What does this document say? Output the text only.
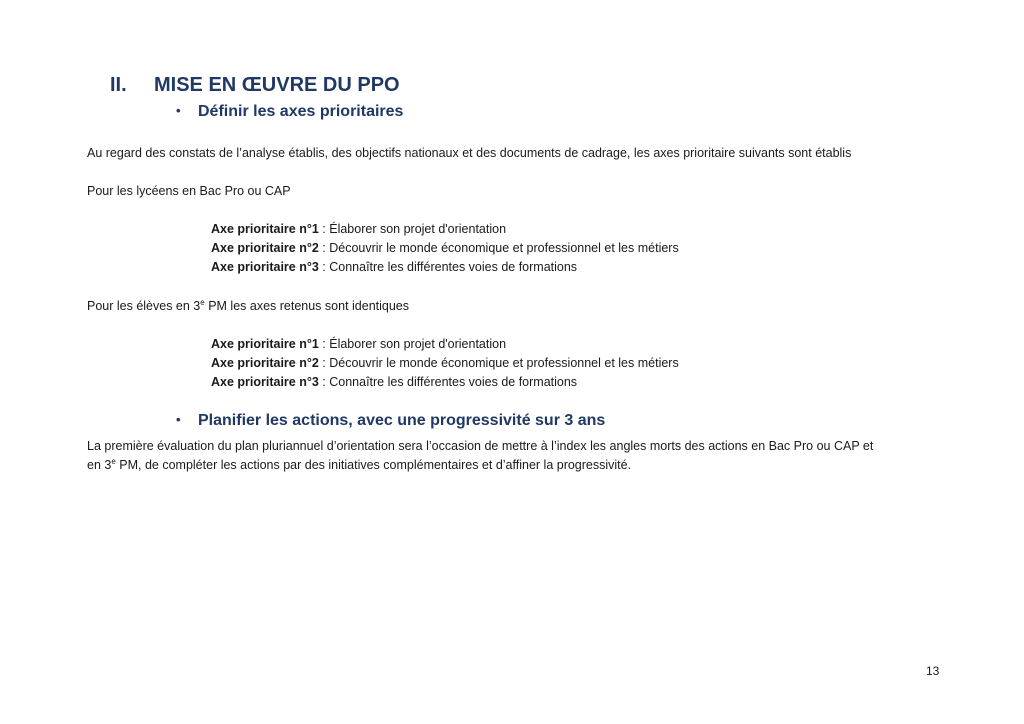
II. MISE EN ŒUVRE DU PPO
• Définir les axes prioritaires
Au regard des constats de l’analyse établis, des objectifs nationaux et des documents de cadrage, les axes prioritaire suivants sont établis
Pour les lycéens en Bac Pro ou CAP
Axe prioritaire n°1 : Élaborer son projet d'orientation
Axe prioritaire n°2 : Découvrir le monde économique et professionnel et les métiers
Axe prioritaire n°3 : Connaître les différentes voies de formations
Pour les élèves en 3e PM les axes retenus sont identiques
Axe prioritaire n°1 : Élaborer son projet d'orientation
Axe prioritaire n°2 : Découvrir le monde économique et professionnel et les métiers
Axe prioritaire n°3 : Connaître les différentes voies de formations
• Planifier les actions, avec une progressivité sur 3 ans
La première évaluation du plan pluriannuel d’orientation sera l’occasion de mettre à l’index les angles morts des actions en Bac Pro ou CAP et
en 3e PM, de compléter les actions par des initiatives complémentaires et d’affiner la progressivité.
13
